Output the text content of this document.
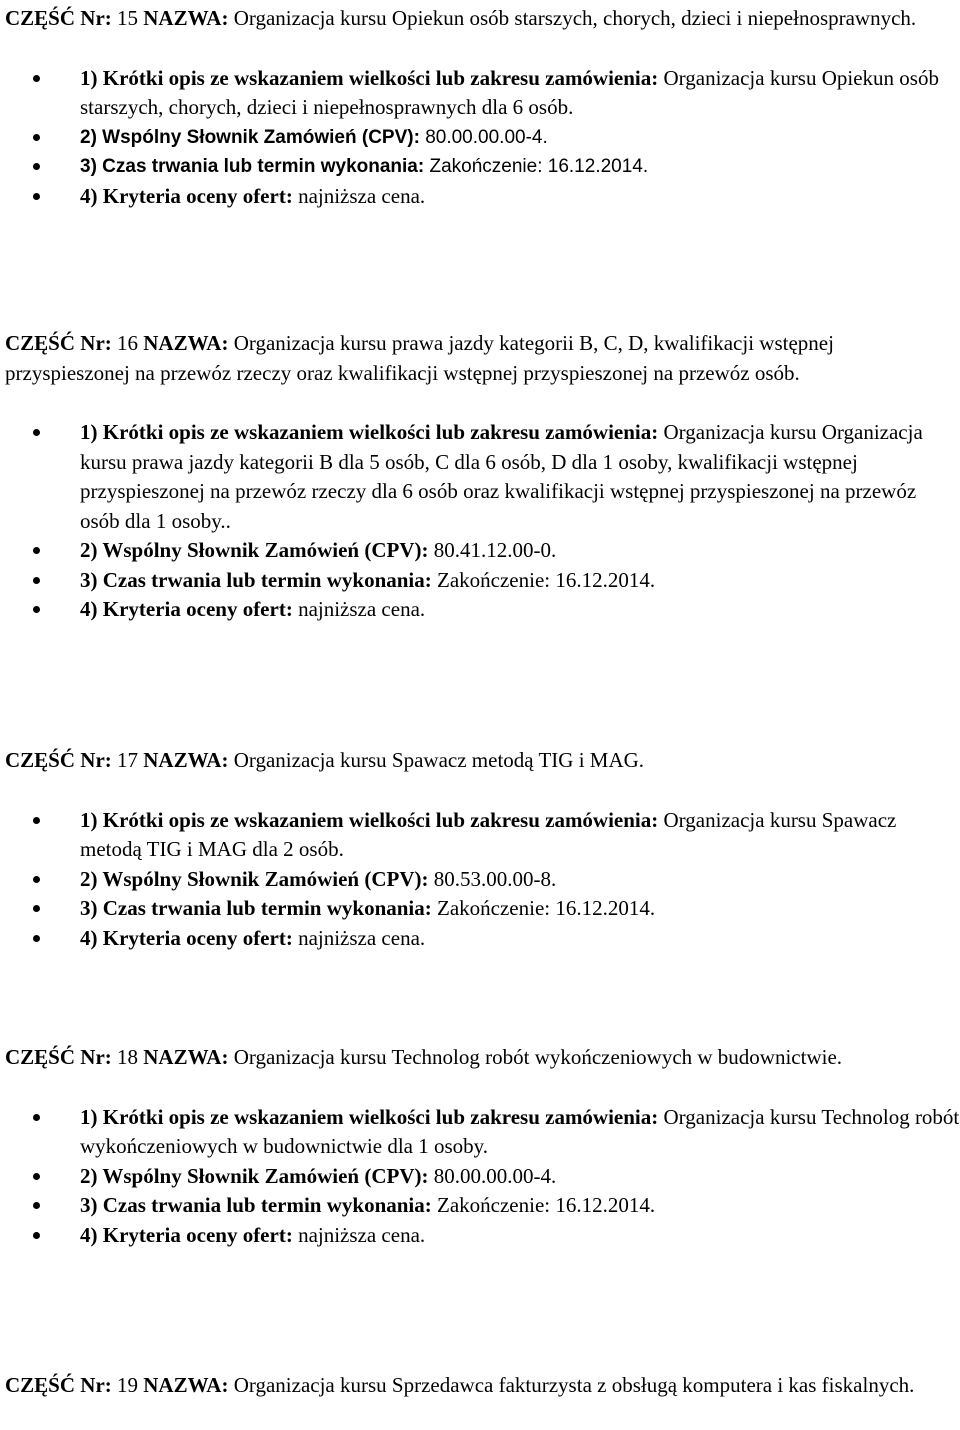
CZĘŚĆ Nr: 15 NAZWA: Organizacja kursu Opiekun osób starszych, chorych, dzieci i niepełnosprawnych.

1) Krótki opis ze wskazaniem wielkości lub zakresu zamówienia: Organizacja kursu Opiekun osób starszych, chorych, dzieci i niepełnosprawnych dla 6 osób.
2) Wspólny Słownik Zamówień (CPV): 80.00.00.00-4.
3) Czas trwania lub termin wykonania: Zakończenie: 16.12.2014.
4) Kryteria oceny ofert: najniższa cena.

CZĘŚĆ Nr: 16 NAZWA: Organizacja kursu prawa jazdy kategorii B, C, D, kwalifikacji wstępnej przyspieszonej na przewóz rzeczy oraz kwalifikacji wstępnej przyspieszonej na przewóz osób.

1) Krótki opis ze wskazaniem wielkości lub zakresu zamówienia: Organizacja kursu Organizacja kursu prawa jazdy kategorii B dla 5 osób, C dla 6 osób, D dla 1 osoby, kwalifikacji wstępnej przyspieszonej na przewóz rzeczy dla 6 osób oraz kwalifikacji wstępnej przyspieszonej na przewóz osób dla 1 osoby..
2) Wspólny Słownik Zamówień (CPV): 80.41.12.00-0.
3) Czas trwania lub termin wykonania: Zakończenie: 16.12.2014.
4) Kryteria oceny ofert: najniższa cena.

CZĘŚĆ Nr: 17 NAZWA: Organizacja kursu Spawacz metodą TIG i MAG.

1) Krótki opis ze wskazaniem wielkości lub zakresu zamówienia: Organizacja kursu Spawacz metodą TIG i MAG dla 2 osób.
2) Wspólny Słownik Zamówień (CPV): 80.53.00.00-8.
3) Czas trwania lub termin wykonania: Zakończenie: 16.12.2014.
4) Kryteria oceny ofert: najniższa cena.

CZĘŚĆ Nr: 18 NAZWA: Organizacja kursu Technolog robót wykończeniowych w budownictwie.

1) Krótki opis ze wskazaniem wielkości lub zakresu zamówienia: Organizacja kursu Technolog robót wykończeniowych w budownictwie dla 1 osoby.
2) Wspólny Słownik Zamówień (CPV): 80.00.00.00-4.
3) Czas trwania lub termin wykonania: Zakończenie: 16.12.2014.
4) Kryteria oceny ofert: najniższa cena.

CZĘŚĆ Nr: 19 NAZWA: Organizacja kursu Sprzedawca fakturzysta z obsługą komputera i kas fiskalnych.
